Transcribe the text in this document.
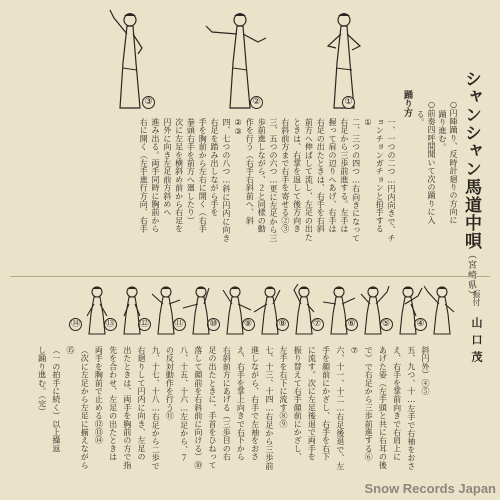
シャンシャン馬道中唄（宮崎県）
振付　山口茂
○円陣踊り、反時計廻りの方向に
踊り進む。
○前奏四呼間聞いて次の踊りに入
る。
踊り方
一、一つの二つ…円内向きで、チ
ョンチョンガチョンと拍手する
①
二、三つの四つ…右向きになって
右足から三歩前進する。左手は
握って肩の辺りへあげ、右手は
右足の出たときは、右手を右斜
前方へ伸ばして流し、左足の出た
ときは、右掌を返して後方向き
右斜前方まで右手を寄せる②③
三、五つの六つ…更に左足から三
歩前進しながら、２と同様の動
作を行う（右手右斜前へ、斜
②③
四、七つの八つ…斜に円内に向き
右足を踏み出しながら手を
手を胸前から左右に開く（右手
拳頭右手を前方へ廻したり）
次に左足を横斜め前から右足を
円外に向き左足前方斜めへ
進み出る。両手同時に胸前から
右に開く（左手進行方向、右手
①
②
③
④
⑤
⑥
⑦
⑧
⑨
⑩
⑪
⑫
⑬
⑭
斜円外）④⑤
五、九つ、十…左手で右袖をおさ
え、右手を掌前向きで右肩上に
あげた姿（左手頭と共に右耳の後
で）で右足から三歩前進する⑥
⑦
六、十一、十二…右足後退で、左
手を顔前にかざし、右手を右下
に流す。次に左足後退で両手を
振り替えて右手顔前にかざし、
左手を右下に流す⑧⑨
七、十三、十四…右足から三歩前
進しながら、右手で左袖をおさ
え、右手を掌上向きで右下から
右斜前方にあげる（三歩目の右
足の出たときに、手首をひねって
落して顔前を右斜前に向ける）⑩
八、十五、十六…左足から、７
の反対動作を行う⑪
九、十七、十八…右足から二歩で
右廻りして円内に向き、左足の
出たときは、両手を胸前の方で指
先を合わせ、左足の出たときは
両手を胸前で止める⑫⑬⑭
（次に左足から左足に揃えながら
⑮
（一の拍手に続く）以上繰返
し踊り進む。（完）
Snow Records Japan
